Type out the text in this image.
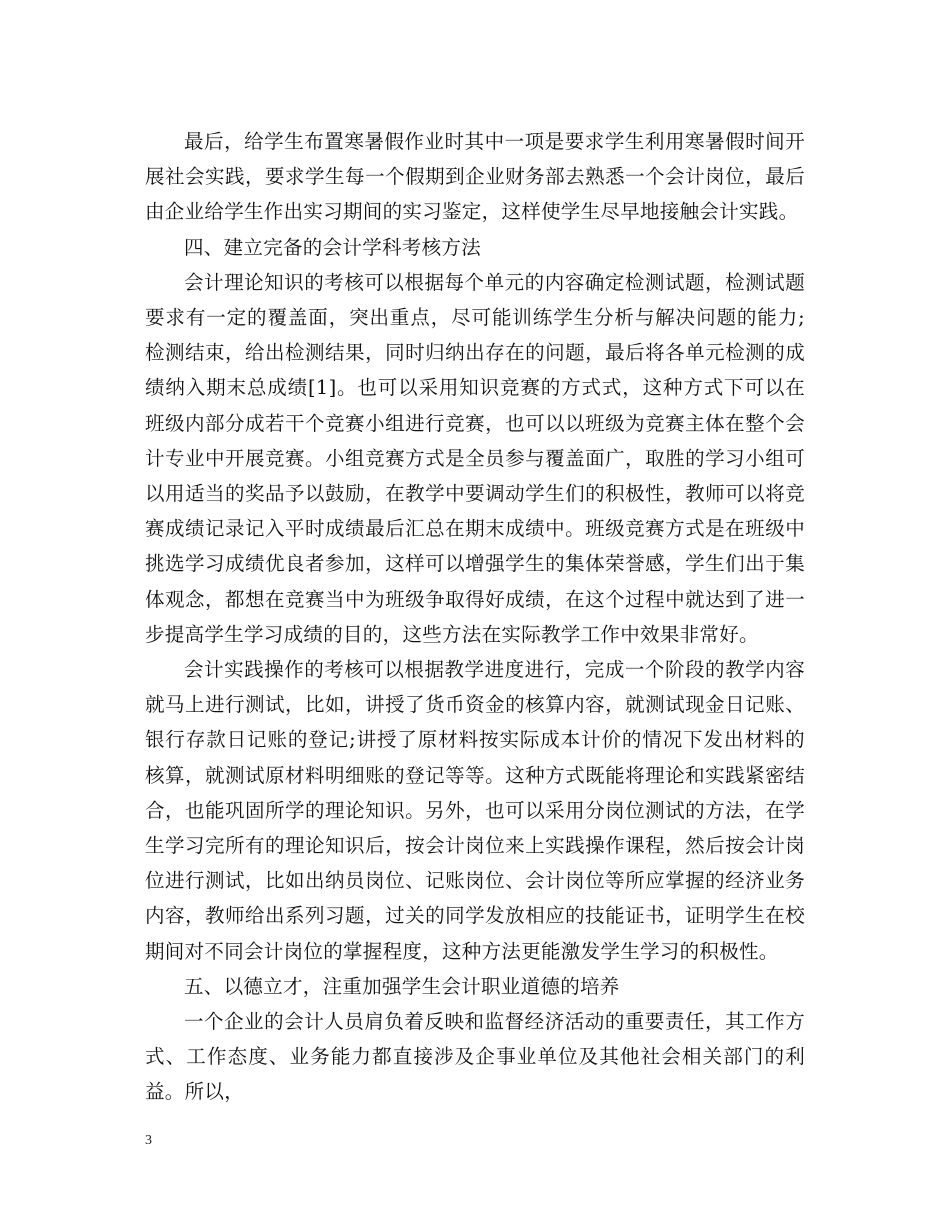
最后，给学生布置寒暑假作业时其中一项是要求学生利用寒暑假时间开展社会实践，要求学生每一个假期到企业财务部去熟悉一个会计岗位，最后由企业给学生作出实习期间的实习鉴定，这样使学生尽早地接触会计实践。

四、建立完备的会计学科考核方法

会计理论知识的考核可以根据每个单元的内容确定检测试题，检测试题要求有一定的覆盖面，突出重点，尽可能训练学生分析与解决问题的能力;检测结束，给出检测结果，同时归纳出存在的问题，最后将各单元检测的成绩纳入期末总成绩[1]。也可以采用知识竞赛的方式式，这种方式下可以在班级内部分成若干个竞赛小组进行竞赛，也可以以班级为竞赛主体在整个会计专业中开展竞赛。小组竞赛方式是全员参与覆盖面广，取胜的学习小组可以用适当的奖品予以鼓励，在教学中要调动学生们的积极性，教师可以将竞赛成绩记录记入平时成绩最后汇总在期末成绩中。班级竞赛方式是在班级中挑选学习成绩优良者参加，这样可以增强学生的集体荣誉感，学生们出于集体观念，都想在竞赛当中为班级争取得好成绩，在这个过程中就达到了进一步提高学生学习成绩的目的，这些方法在实际教学工作中效果非常好。

会计实践操作的考核可以根据教学进度进行，完成一个阶段的教学内容就马上进行测试，比如，讲授了货币资金的核算内容，就测试现金日记账、银行存款日记账的登记;讲授了原材料按实际成本计价的情况下发出材料的核算，就测试原材料明细账的登记等等。这种方式既能将理论和实践紧密结合，也能巩固所学的理论知识。另外，也可以采用分岗位测试的方法，在学生学习完所有的理论知识后，按会计岗位来上实践操作课程，然后按会计岗位进行测试，比如出纳员岗位、记账岗位、会计岗位等所应掌握的经济业务内容，教师给出系列习题，过关的同学发放相应的技能证书，证明学生在校期间对不同会计岗位的掌握程度，这种方法更能激发学生学习的积极性。

五、以德立才，注重加强学生会计职业道德的培养

一个企业的会计人员肩负着反映和监督经济活动的重要责任，其工作方式、工作态度、业务能力都直接涉及企事业单位及其他社会相关部门的利益。所以，

3
